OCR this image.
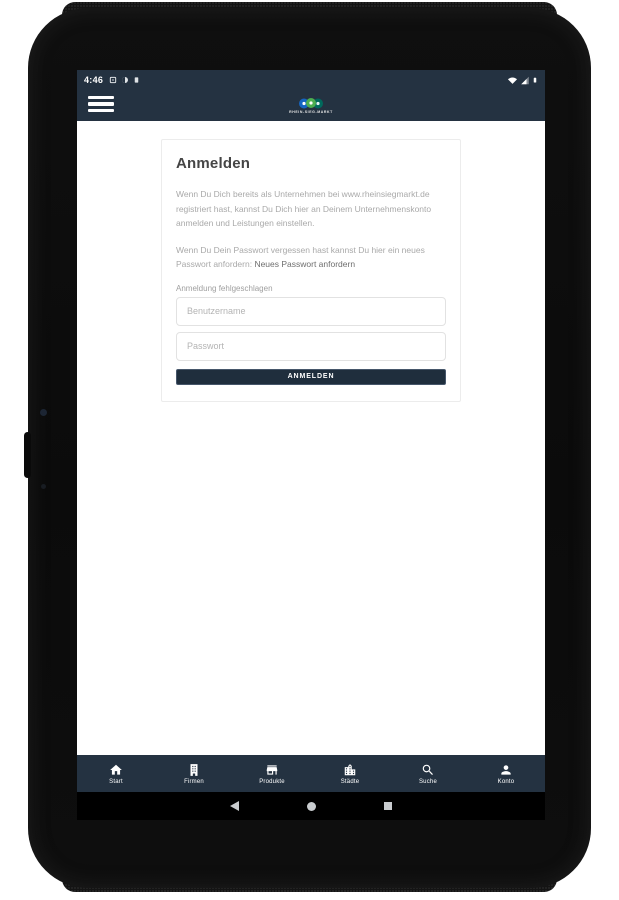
4:46
RHEIN-SIEG-MARKT
Anmelden

Wenn Du Dich bereits als Unternehmen bei www.rheinsiegmarkt.de registriert hast, kannst Du Dich hier an Deinem Unternehmenskonto anmelden und Leistungen einstellen.

Wenn Du Dein Passwort vergessen hast kannst Du hier ein neues Passwort anfordern: Neues Passwort anfordern

Anmeldung fehlgeschlagen
Benutzername
Passwort
ANMELDEN
Start	Firmen	Produkte	Städte	Suche	Konto
